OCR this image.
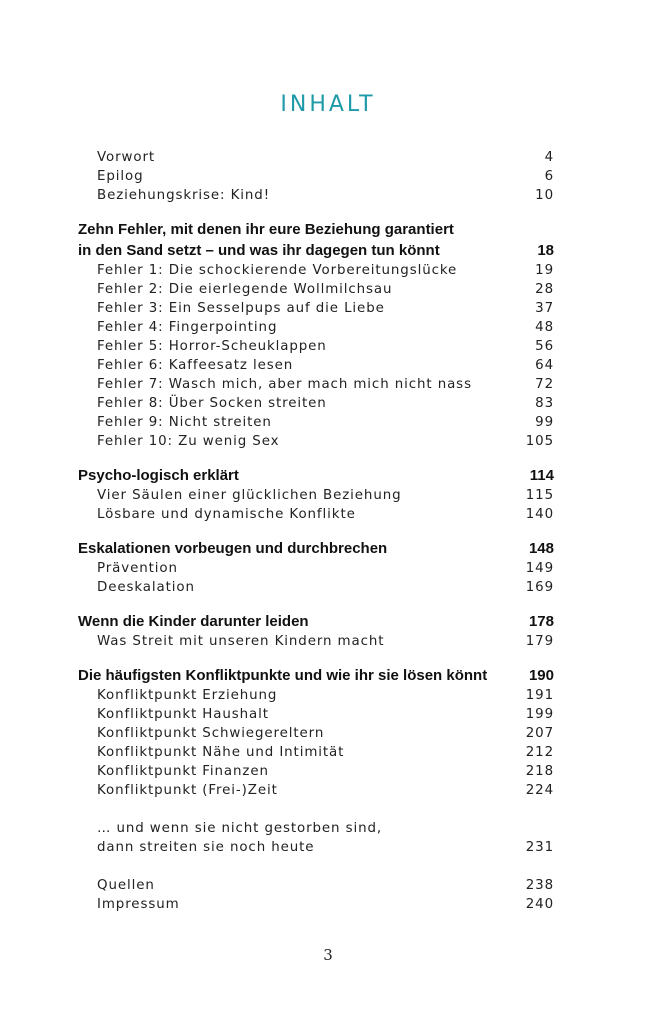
INHALT
Vorwort	4
Epilog	6
Beziehungskrise: Kind!	10
Zehn Fehler, mit denen ihr eure Beziehung garantiert
in den Sand setzt – und was ihr dagegen tun könnt	18
Fehler 1: Die schockierende Vorbereitungslücke	19
Fehler 2: Die eierlegende Wollmilchsau	28
Fehler 3: Ein Sesselpups auf die Liebe	37
Fehler 4: Fingerpointing	48
Fehler 5: Horror-Scheuklappen	56
Fehler 6: Kaffeesatz lesen	64
Fehler 7: Wasch mich, aber mach mich nicht nass	72
Fehler 8: Über Socken streiten	83
Fehler 9: Nicht streiten	99
Fehler 10: Zu wenig Sex	105
Psycho-logisch erklärt	114
Vier Säulen einer glücklichen Beziehung	115
Lösbare und dynamische Konflikte	140
Eskalationen vorbeugen und durchbrechen	148
Prävention	149
Deeskalation	169
Wenn die Kinder darunter leiden	178
Was Streit mit unseren Kindern macht	179
Die häufigsten Konfliktpunkte und wie ihr sie lösen könnt	190
Konfliktpunkt Erziehung	191
Konfliktpunkt Haushalt	199
Konfliktpunkt Schwiegereltern	207
Konfliktpunkt Nähe und Intimität	212
Konfliktpunkt Finanzen	218
Konfliktpunkt (Frei-)Zeit	224
… und wenn sie nicht gestorben sind,
dann streiten sie noch heute	231
Quellen	238
Impressum	240
3
